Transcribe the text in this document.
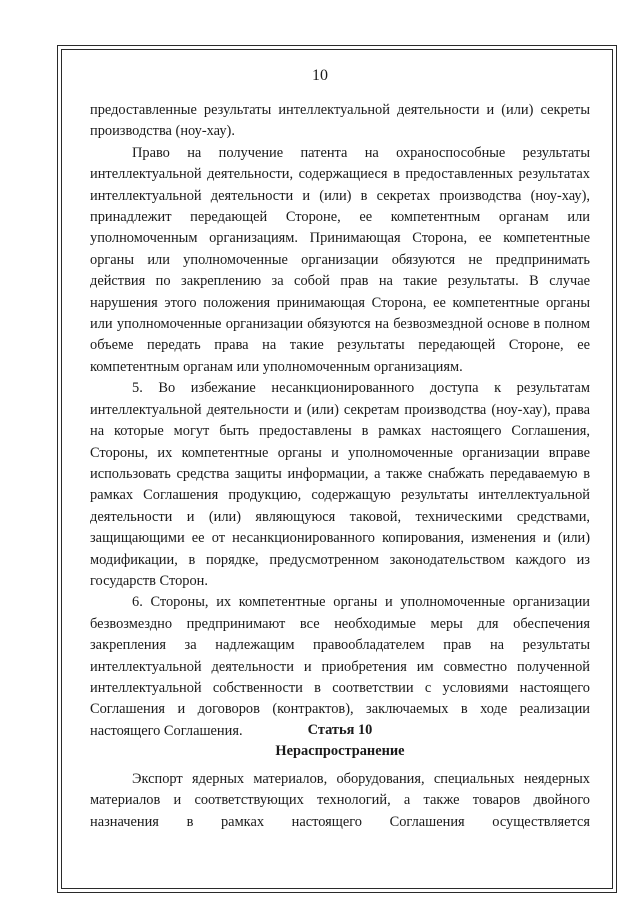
10

предоставленные результаты интеллектуальной деятельности и (или) секреты производства (ноу-хау).

Право на получение патента на охраноспособные результаты интеллектуальной деятельности, содержащиеся в предоставленных результатах интеллектуальной деятельности и (или) в секретах производства (ноу-хау), принадлежит передающей Стороне, ее компетентным органам или уполномоченным организациям. Принимающая Сторона, ее компетентные органы или уполномоченные организации обязуются не предпринимать действия по закреплению за собой прав на такие результаты. В случае нарушения этого положения принимающая Сторона, ее компетентные органы или уполномоченные организации обязуются на безвозмездной основе в полном объеме передать права на такие результаты передающей Стороне, ее компетентным органам или уполномоченным организациям.

5. Во избежание несанкционированного доступа к результатам интеллектуальной деятельности и (или) секретам производства (ноу-хау), права на которые могут быть предоставлены в рамках настоящего Соглашения, Стороны, их компетентные органы и уполномоченные организации вправе использовать средства защиты информации, а также снабжать передаваемую в рамках Соглашения продукцию, содержащую результаты интеллектуальной деятельности и (или) являющуюся таковой, техническими средствами, защищающими ее от несанкционированного копирования, изменения и (или) модификации, в порядке, предусмотренном законодательством каждого из государств Сторон.

6. Стороны, их компетентные органы и уполномоченные организации безвозмездно предпринимают все необходимые меры для обеспечения закрепления за надлежащим правообладателем прав на результаты интеллектуальной деятельности и приобретения им совместно полученной интеллектуальной собственности в соответствии с условиями настоящего Соглашения и договоров (контрактов), заключаемых в ходе реализации настоящего Соглашения.	Статья 10

Нераспространение

Экспорт ядерных материалов, оборудования, специальных неядерных материалов и соответствующих технологий, а также товаров двойного назначения в рамках настоящего Соглашения осуществляется
